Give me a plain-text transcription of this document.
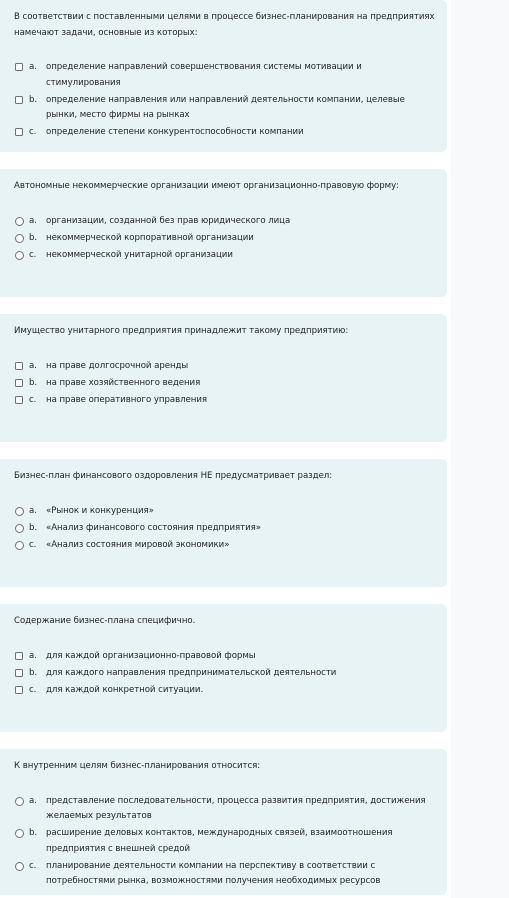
В соответствии с поставленными целями в процессе бизнес-планирования на предприятиях намечают задачи, основные из которых:
a.	определение направлений совершенствования системы мотивации и стимулирования
b.	определение направления или направлений деятельности компании, целевые рынки, место фирмы на рынках
c.	определение степени конкурентоспособности компании
Автономные некоммерческие организации имеют организационно-правовую форму:
a.	организации, созданной без прав юридического лица
b.	некоммерческой корпоративной организации
c.	некоммерческой унитарной организации
Имущество унитарного предприятия принадлежит такому предприятию:
a.	на праве долгосрочной аренды
b.	на праве хозяйственного ведения
c.	на праве оперативного управления
Бизнес-план финансового оздоровления НЕ предусматривает раздел:
a.	«Рынок и конкуренция»
b.	«Анализ финансового состояния предприятия»
c.	«Анализ состояния мировой экономики»
Содержание бизнес-плана специфично.
a.	для каждой организационно-правовой формы
b.	для каждого направления предпринимательской деятельности
c.	для каждой конкретной ситуации.
К внутренним целям бизнес-планирования относится:
a.	представление последовательности, процесса развития предприятия, достижения желаемых результатов
b.	расширение деловых контактов, международных связей, взаимоотношения предприятия с внешней средой
c.	планирование деятельности компании на перспективу в соответствии с потребностями рынка, возможностями получения необходимых ресурсов
